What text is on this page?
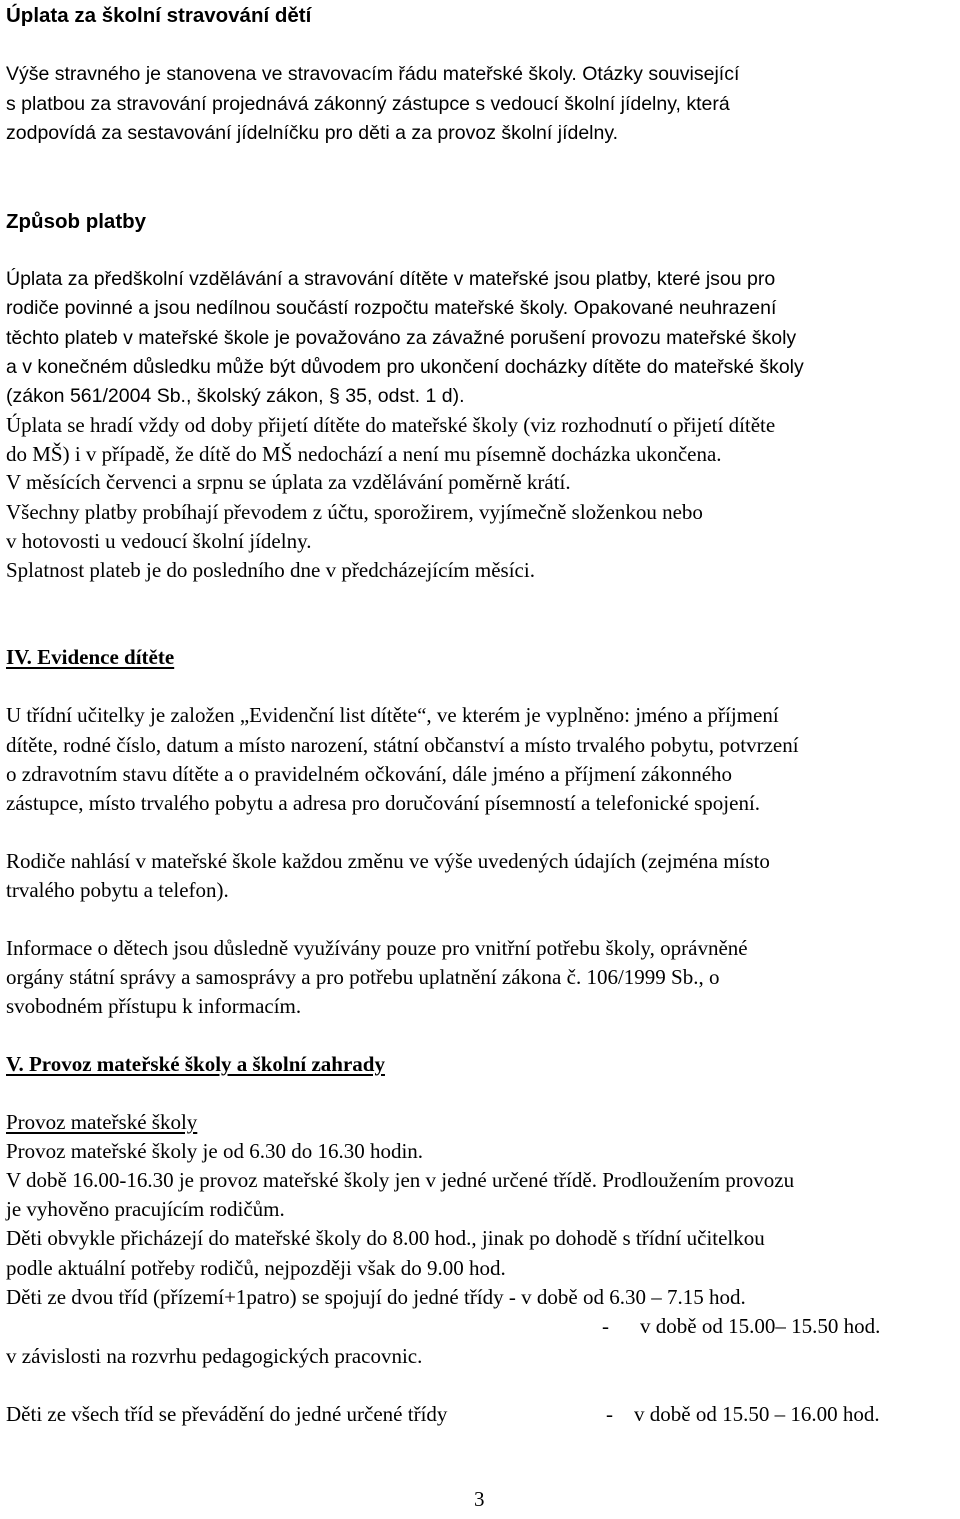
Úplata za školní stravování dětí
Výše stravného je stanovena ve stravovacím řádu mateřské školy. Otázky související
s platbou za stravování projednává zákonný zástupce s vedoucí školní jídelny, která
zodpovídá za sestavování jídelníčku pro děti a za provoz školní jídelny.
Způsob platby
Úplata za předškolní vzdělávání a stravování dítěte v mateřské jsou platby, které jsou pro
rodiče povinné a jsou nedílnou součástí rozpočtu mateřské školy. Opakované neuhrazení
těchto plateb v mateřské škole je považováno za závažné porušení provozu mateřské školy
a v konečném důsledku může být důvodem pro ukončení docházky dítěte do mateřské školy
(zákon 561/2004 Sb., školský zákon, § 35, odst. 1 d).
Úplata se hradí vždy od doby přijetí dítěte do mateřské školy (viz rozhodnutí o přijetí dítěte
do MŠ) i v případě, že dítě do MŠ nedochází a není mu písemně docházka ukončena.
V měsících červenci a srpnu se úplata za vzdělávání poměrně krátí.
Všechny platby probíhají převodem z účtu, sporožirem, vyjímečně složenkou nebo
v hotovosti u vedoucí školní jídelny.
Splatnost plateb je do posledního dne v předcházejícím měsíci.
IV. Evidence dítěte
U třídní učitelky je založen „Evidenční list dítěte“, ve kterém je vyplněno: jméno a příjmení
dítěte, rodné číslo, datum a místo narození, státní občanství a místo trvalého pobytu, potvrzení
o zdravotním stavu dítěte a o pravidelném očkování, dále jméno a příjmení zákonného
zástupce, místo trvalého pobytu a adresa pro doručování písemností a telefonické spojení.
Rodiče nahlásí v mateřské škole každou změnu ve výše uvedených údajích (zejména místo
trvalého pobytu a telefon).
Informace o dětech jsou důsledně využívány pouze pro vnitřní potřebu školy, oprávněné
orgány státní správy a samosprávy a pro potřebu uplatnění zákona č. 106/1999 Sb., o
svobodném přístupu k informacím.
V. Provoz mateřské školy a školní zahrady
Provoz mateřské školy
Provoz mateřské školy je od 6.30 do 16.30 hodin.
V době 16.00-16.30 je provoz mateřské školy jen v jedné určené třídě. Prodloužením provozu
je vyhověno pracujícím rodičům.
Děti obvykle přicházejí do mateřské školy do 8.00 hod., jinak po dohodě s třídní učitelkou
podle aktuální potřeby rodičů, nejpozději však do 9.00 hod.
Děti ze dvou tříd (přízemí+1patro) se spojují do jedné třídy - v době od 6.30 – 7.15 hod.
- v době od 15.00– 15.50 hod.
v závislosti na rozvrhu pedagogických pracovnic.
Děti ze všech tříd se převádění do jedné určené třídy	- v době od 15.50 – 16.00 hod.
3
